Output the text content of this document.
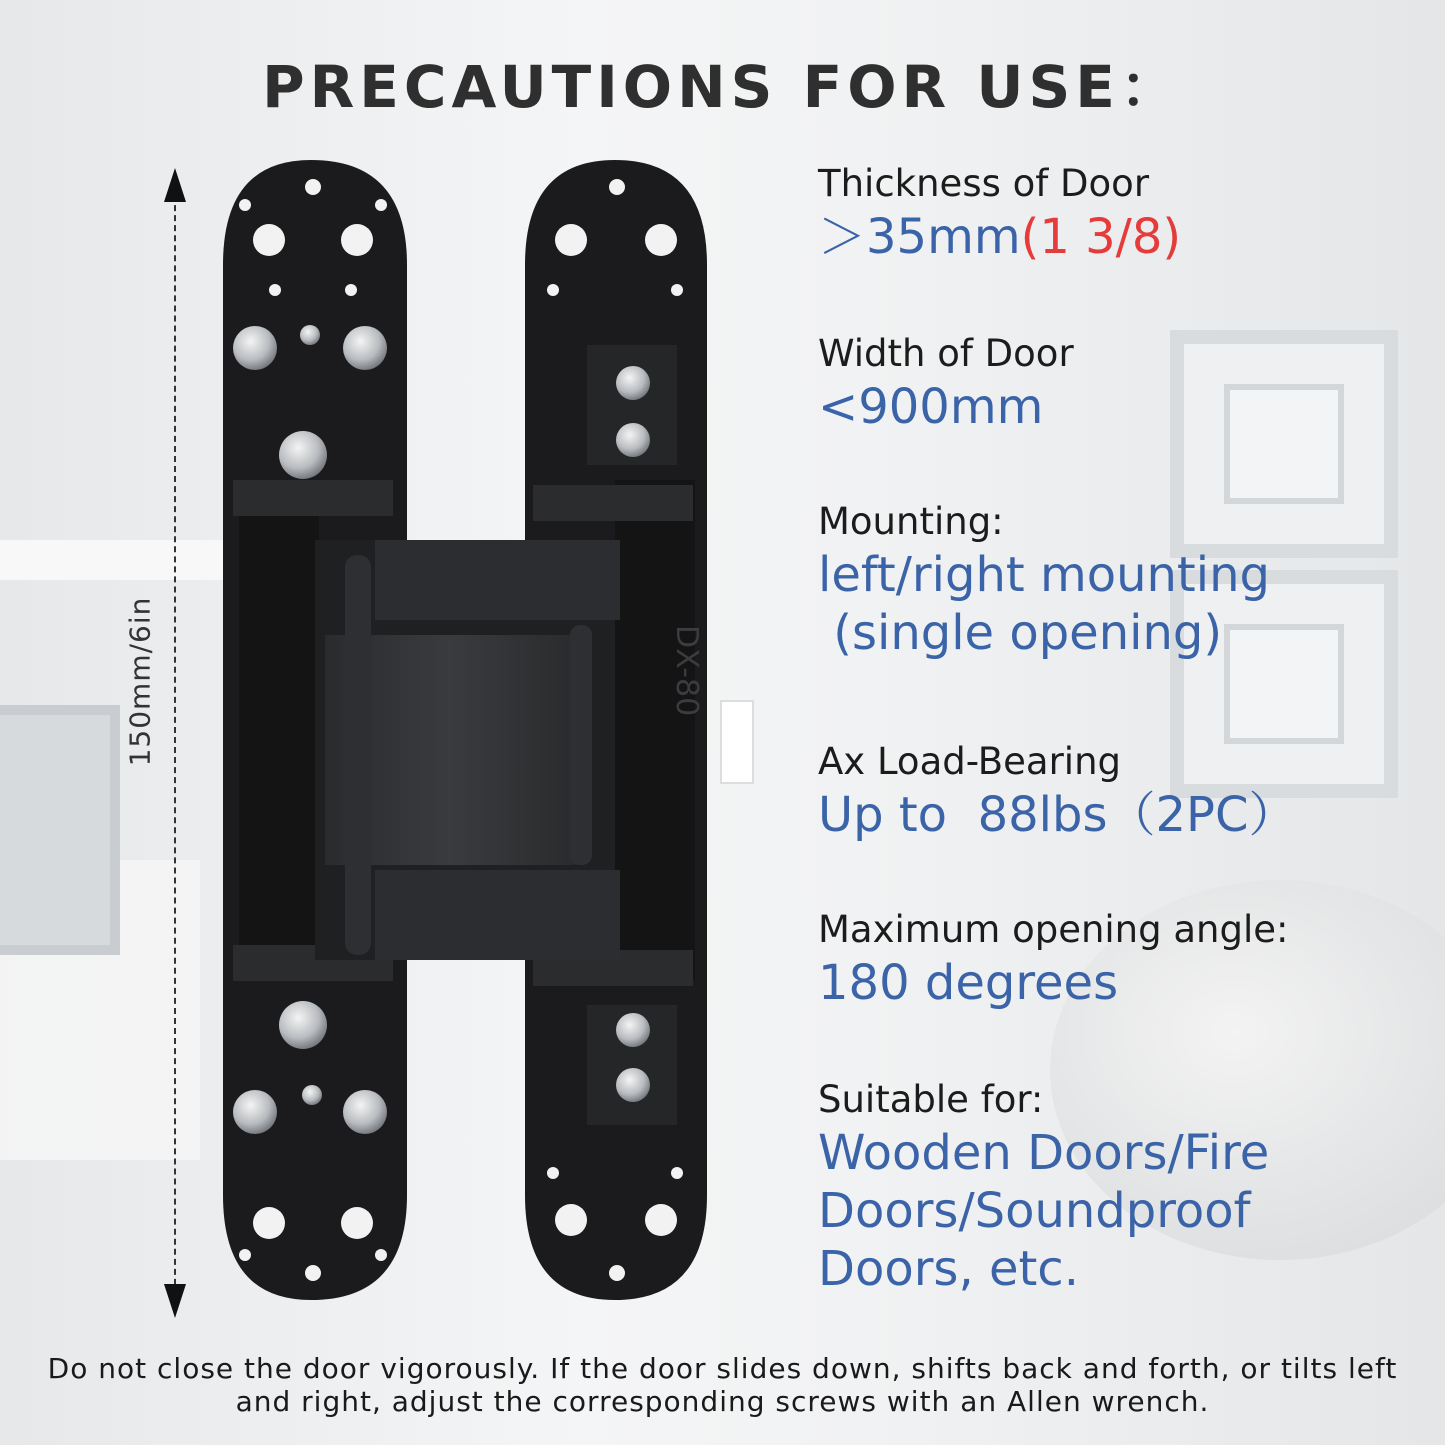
PRECAUTIONS FOR USE：
150mm/6in	DX-80
Thickness of Door
＞35mm(1 3/8)
Width of Door
<900mm
Mounting:
left/right mounting
(single opening)
Ax Load-Bearing
Up to  88lbs（2PC）
Maximum opening angle:
180 degrees
Suitable for:
Wooden Doors/Fire
Doors/Soundproof
Doors, etc.
Do not close the door vigorously. If the door slides down, shifts back and forth, or tilts left
and right, adjust the corresponding screws with an Allen wrench.
